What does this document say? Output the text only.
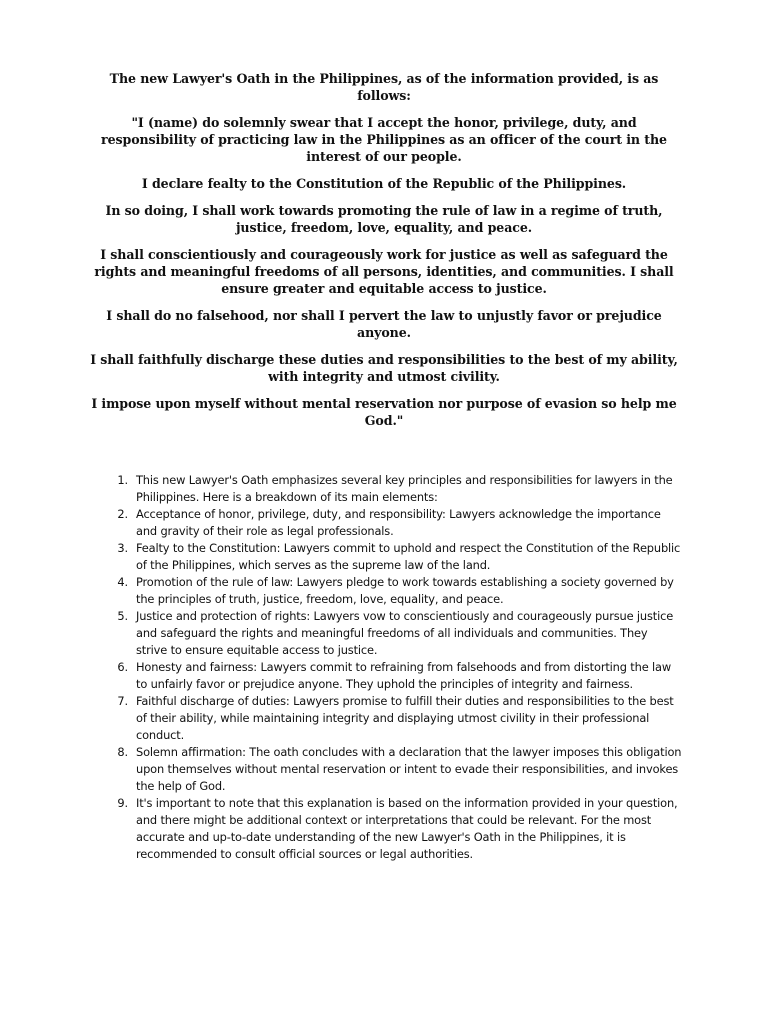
The new Lawyer's Oath in the Philippines, as of the information provided, is as follows:

"I (name) do solemnly swear that I accept the honor, privilege, duty, and responsibility of practicing law in the Philippines as an officer of the court in the interest of our people.

I declare fealty to the Constitution of the Republic of the Philippines.

In so doing, I shall work towards promoting the rule of law in a regime of truth, justice, freedom, love, equality, and peace.

I shall conscientiously and courageously work for justice as well as safeguard the rights and meaningful freedoms of all persons, identities, and communities. I shall ensure greater and equitable access to justice.

I shall do no falsehood, nor shall I pervert the law to unjustly favor or prejudice anyone.

I shall faithfully discharge these duties and responsibilities to the best of my ability, with integrity and utmost civility.

I impose upon myself without mental reservation nor purpose of evasion so help me God."

1. This new Lawyer's Oath emphasizes several key principles and responsibilities for lawyers in the Philippines. Here is a breakdown of its main elements:
2. Acceptance of honor, privilege, duty, and responsibility: Lawyers acknowledge the importance and gravity of their role as legal professionals.
3. Fealty to the Constitution: Lawyers commit to uphold and respect the Constitution of the Republic of the Philippines, which serves as the supreme law of the land.
4. Promotion of the rule of law: Lawyers pledge to work towards establishing a society governed by the principles of truth, justice, freedom, love, equality, and peace.
5. Justice and protection of rights: Lawyers vow to conscientiously and courageously pursue justice and safeguard the rights and meaningful freedoms of all individuals and communities. They strive to ensure equitable access to justice.
6. Honesty and fairness: Lawyers commit to refraining from falsehoods and from distorting the law to unfairly favor or prejudice anyone. They uphold the principles of integrity and fairness.
7. Faithful discharge of duties: Lawyers promise to fulfill their duties and responsibilities to the best of their ability, while maintaining integrity and displaying utmost civility in their professional conduct.
8. Solemn affirmation: The oath concludes with a declaration that the lawyer imposes this obligation upon themselves without mental reservation or intent to evade their responsibilities, and invokes the help of God.
9. It's important to note that this explanation is based on the information provided in your question, and there might be additional context or interpretations that could be relevant. For the most accurate and up-to-date understanding of the new Lawyer's Oath in the Philippines, it is recommended to consult official sources or legal authorities.
